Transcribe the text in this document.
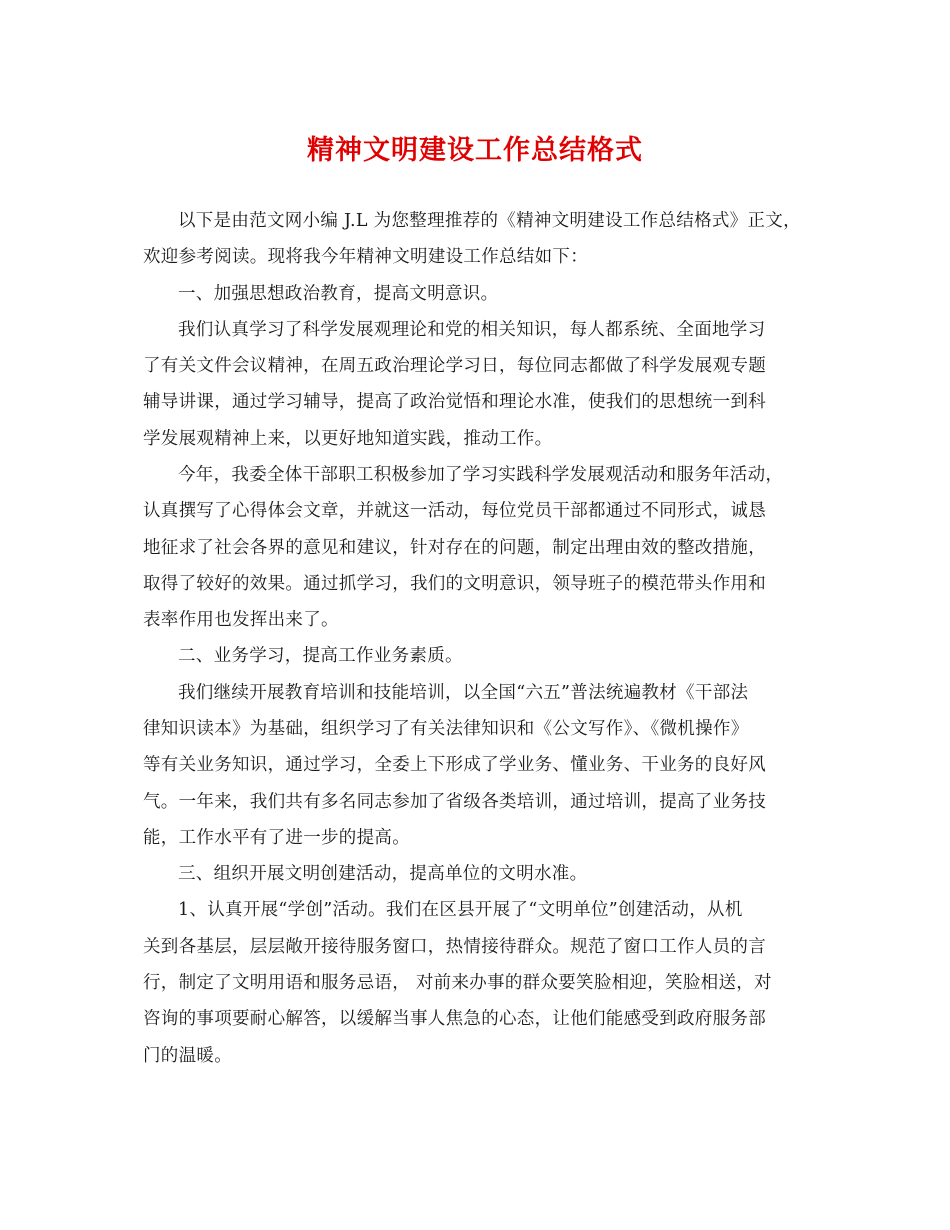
精神文明建设工作总结格式
以下是由范文网小编 J.L 为您整理推荐的《精神文明建设工作总结格式》正文，
欢迎参考阅读。现将我今年精神文明建设工作总结如下：
一、加强思想政治教育，提高文明意识。
我们认真学习了科学发展观理论和党的相关知识，每人都系统、全面地学习
了有关文件会议精神，在周五政治理论学习日，每位同志都做了科学发展观专题
辅导讲课，通过学习辅导，提高了政治觉悟和理论水准，使我们的思想统一到科
学发展观精神上来，以更好地知道实践，推动工作。
今年，我委全体干部职工积极参加了学习实践科学发展观活动和服务年活动，
认真撰写了心得体会文章，并就这一活动，每位党员干部都通过不同形式，诚恳
地征求了社会各界的意见和建议，针对存在的问题，制定出理由效的整改措施，
取得了较好的效果。通过抓学习，我们的文明意识，领导班子的模范带头作用和
表率作用也发挥出来了。
二、业务学习，提高工作业务素质。
我们继续开展教育培训和技能培训，以全国“六五”普法统遍教材《干部法
律知识读本》为基础，组织学习了有关法律知识和《公文写作》、《微机操作》
等有关业务知识，通过学习，全委上下形成了学业务、懂业务、干业务的良好风
气。一年来，我们共有多名同志参加了省级各类培训，通过培训，提高了业务技
能，工作水平有了进一步的提高。
三、组织开展文明创建活动，提高单位的文明水准。
1、认真开展“学创”活动。我们在区县开展了“文明单位”创建活动，从机
关到各基层，层层敞开接待服务窗口，热情接待群众。规范了窗口工作人员的言
行，制定了文明用语和服务忌语， 对前来办事的群众要笑脸相迎，笑脸相送，对
咨询的事项要耐心解答，以缓解当事人焦急的心态，让他们能感受到政府服务部
门的温暖。
